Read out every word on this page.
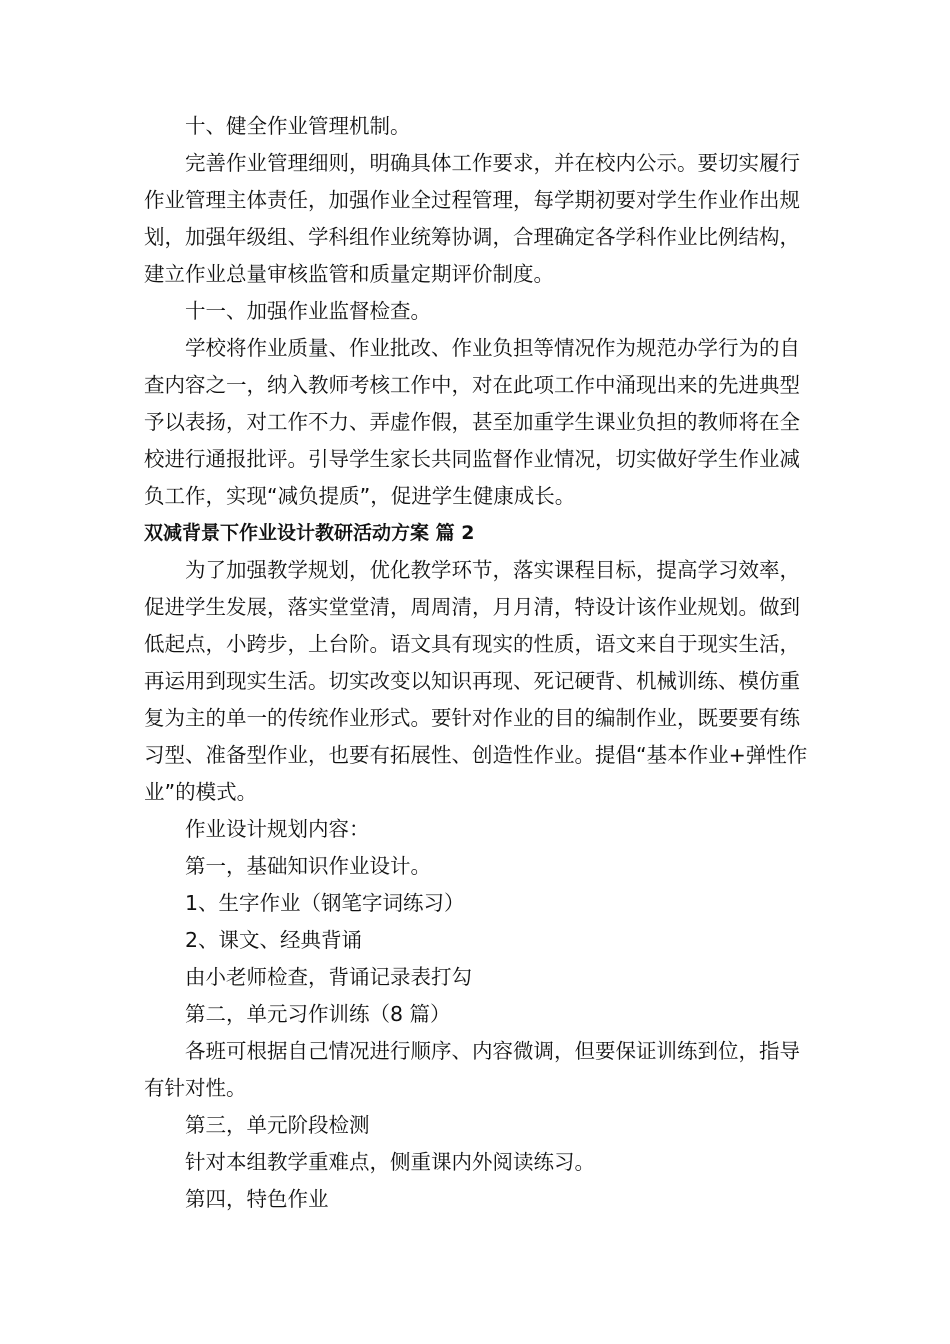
十、健全作业管理机制。

完善作业管理细则，明确具体工作要求，并在校内公示。要切实履行作业管理主体责任，加强作业全过程管理，每学期初要对学生作业作出规划，加强年级组、学科组作业统筹协调，合理确定各学科作业比例结构，建立作业总量审核监管和质量定期评价制度。

十一、加强作业监督检查。

学校将作业质量、作业批改、作业负担等情况作为规范办学行为的自查内容之一，纳入教师考核工作中，对在此项工作中涌现出来的先进典型予以表扬，对工作不力、弄虚作假，甚至加重学生课业负担的教师将在全校进行通报批评。引导学生家长共同监督作业情况，切实做好学生作业减负工作，实现“减负提质”，促进学生健康成长。

双减背景下作业设计教研活动方案 篇 2

为了加强教学规划，优化教学环节，落实课程目标，提高学习效率，促进学生发展，落实堂堂清，周周清，月月清，特设计该作业规划。做到低起点，小跨步，上台阶。语文具有现实的性质，语文来自于现实生活，再运用到现实生活。切实改变以知识再现、死记硬背、机械训练、模仿重复为主的单一的传统作业形式。要针对作业的目的编制作业，既要要有练习型、准备型作业，也要有拓展性、创造性作业。提倡“基本作业+弹性作业”的模式。

作业设计规划内容：

第一，基础知识作业设计。

1、生字作业（钢笔字词练习）

2、课文、经典背诵

由小老师检查，背诵记录表打勾

第二，单元习作训练（8 篇）

各班可根据自己情况进行顺序、内容微调，但要保证训练到位，指导有针对性。

第三，单元阶段检测

针对本组教学重难点，侧重课内外阅读练习。

第四，特色作业
